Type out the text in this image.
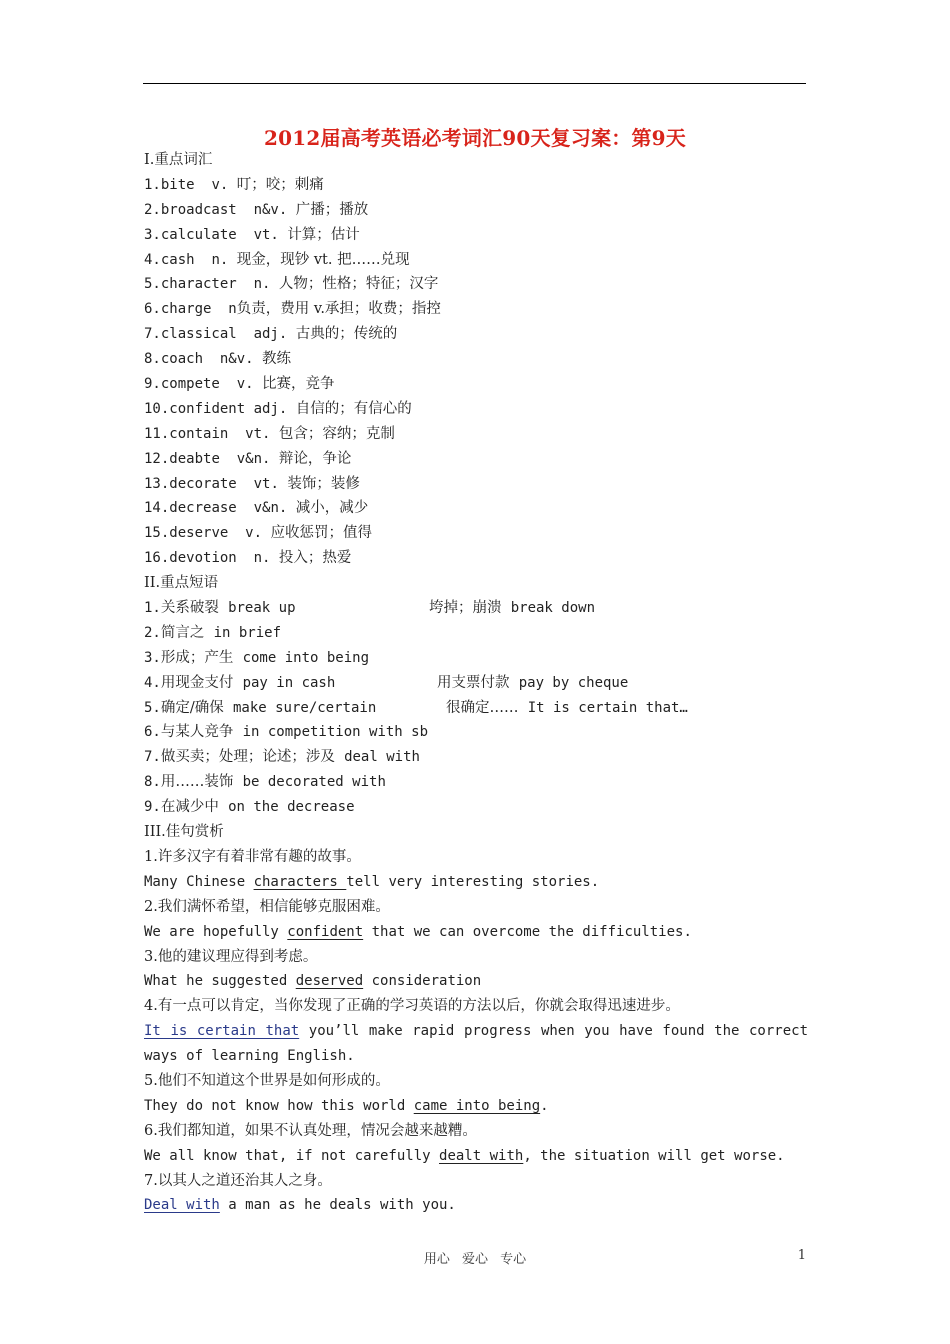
2012届高考英语必考词汇90天复习案：第9天
I.重点词汇
1.bite v. 叮；咬；刺痛
2.broadcast n&v. 广播；播放
3.calculate vt. 计算；估计
4.cash n. 现金，现钞 vt. 把……兑现
5.character n. 人物；性格；特征；汉字
6.charge n负责，费用 v.承担；收费；指控
7.classical adj. 古典的；传统的
8.coach n&v. 教练
9.compete v. 比赛，竞争
10.confident adj. 自信的；有信心的
11.contain vt. 包含；容纳；克制
12.deabte v&n. 辩论，争论
13.decorate vt. 装饰；装修
14.decrease v&n. 减小，减少
15.deserve v. 应收惩罚；值得
16.devotion n. 投入；热爱
II.重点短语
1.关系破裂 break up	垮掉；崩溃 break down
2.简言之 in brief
3.形成；产生 come into being
4.用现金支付 pay in cash	用支票付款 pay by cheque
5.确定/确保 make sure/certain	很确定…… It is certain that…
6.与某人竞争 in competition with sb
7.做买卖；处理；论述；涉及 deal with
8.用……装饰 be decorated with
9.在减少中 on the decrease
III.佳句赏析
1.许多汉字有着非常有趣的故事。
Many Chinese characters tell very interesting stories.
2.我们满怀希望，相信能够克服困难。
We are hopefully confident that we can overcome the difficulties.
3.他的建议理应得到考虑。
What he suggested deserved consideration
4.有一点可以肯定，当你发现了正确的学习英语的方法以后，你就会取得迅速进步。
It is certain that you’ll make rapid progress when you have found the correct ways of learning English.
5.他们不知道这个世界是如何形成的。
They do not know how this world came into being.
6.我们都知道，如果不认真处理，情况会越来越糟。
We all know that, if not carefully dealt with, the situation will get worse.
7.以其人之道还治其人之身。
Deal with a man as he deals with you.
用心 爱心 专心	1
